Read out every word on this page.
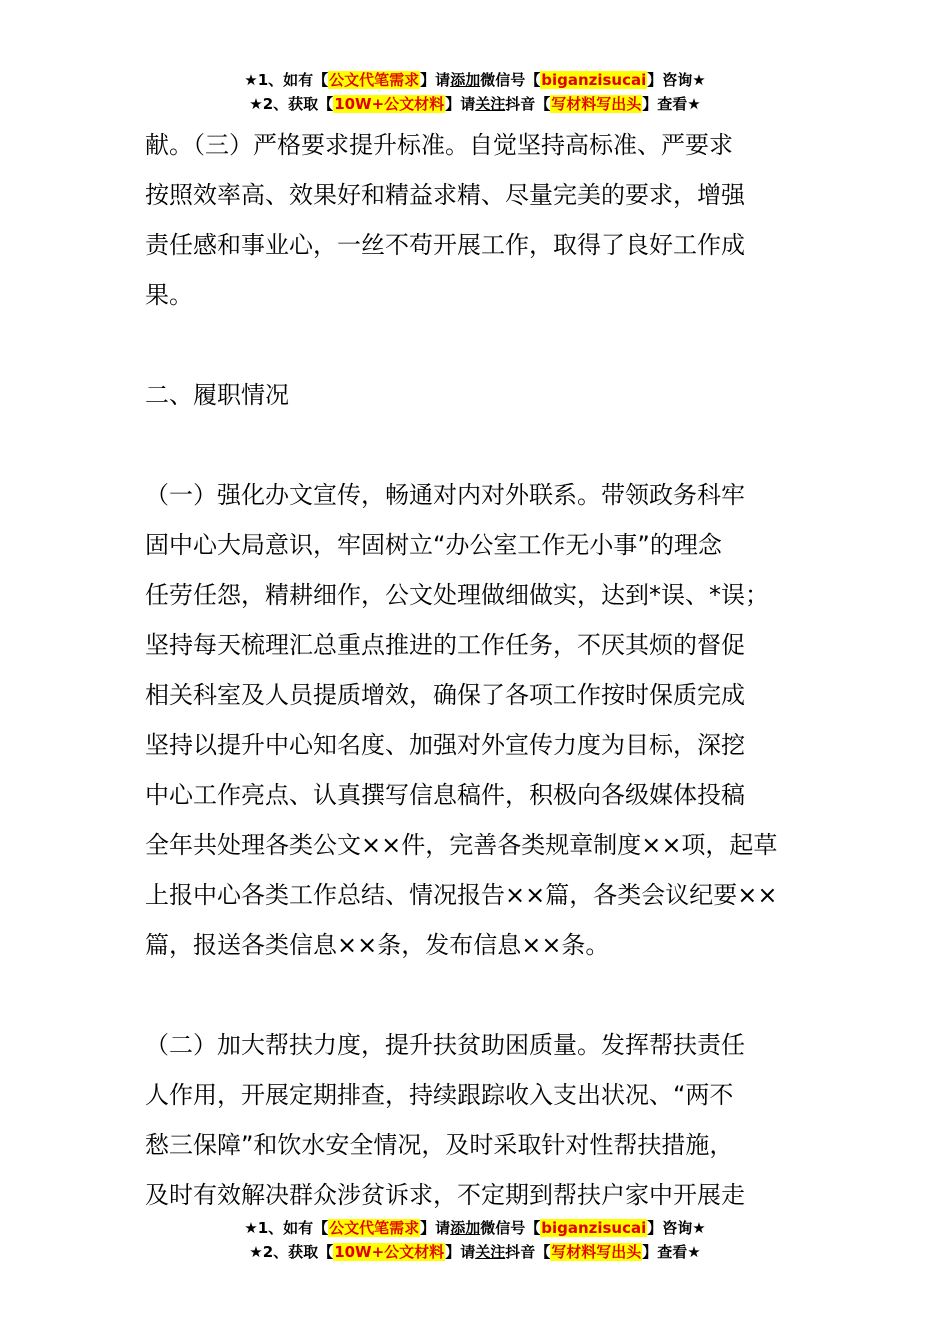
★1、如有【公文代笔需求】请添加微信号【biganzisucai】咨询★
★2、获取【10W+公文材料】请关注抖音【写材料写出头】查看★
献。（三）严格要求提升标准。自觉坚持高标准、严要求
按照效率高、效果好和精益求精、尽量完美的要求，增强
责任感和事业心，一丝不苟开展工作，取得了良好工作成
果。
二、履职情况
（一）强化办文宣传，畅通对内对外联系。带领政务科牢
固中心大局意识，牢固树立“办公室工作无小事”的理念
任劳任怨，精耕细作，公文处理做细做实，达到*误、*误；
坚持每天梳理汇总重点推进的工作任务，不厌其烦的督促
相关科室及人员提质增效，确保了各项工作按时保质完成
坚持以提升中心知名度、加强对外宣传力度为目标，深挖
中心工作亮点、认真撰写信息稿件，积极向各级媒体投稿
全年共处理各类公文××件，完善各类规章制度××项，起草
上报中心各类工作总结、情况报告××篇，各类会议纪要××
篇，报送各类信息××条，发布信息××条。
（二）加大帮扶力度，提升扶贫助困质量。发挥帮扶责任
人作用，开展定期排查，持续跟踪收入支出状况、“两不
愁三保障”和饮水安全情况，及时采取针对性帮扶措施，
及时有效解决群众涉贫诉求，不定期到帮扶户家中开展走
★1、如有【公文代笔需求】请添加微信号【biganzisucai】咨询★
★2、获取【10W+公文材料】请关注抖音【写材料写出头】查看★
